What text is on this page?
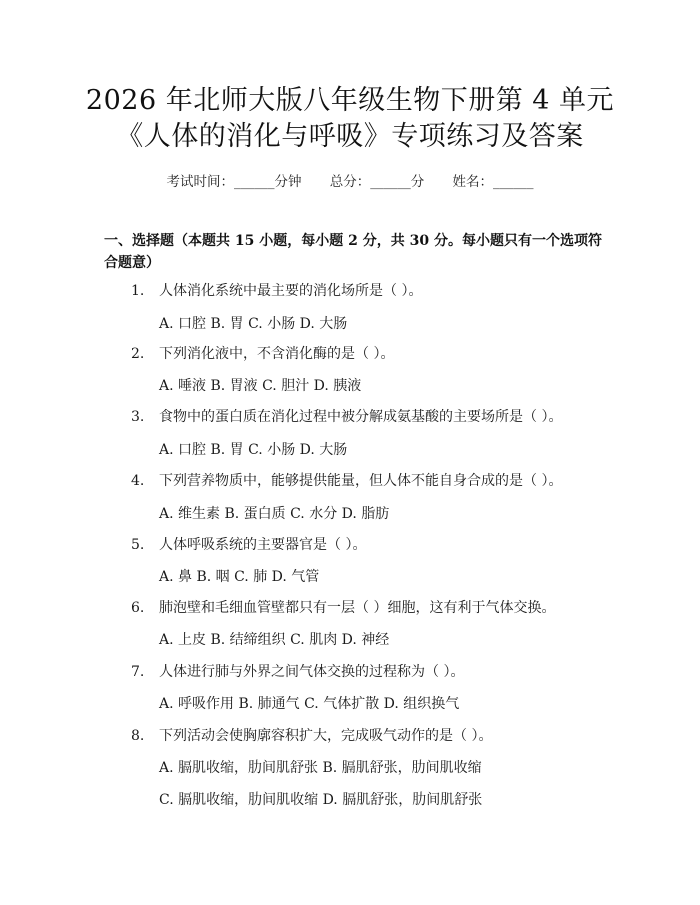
2026 年北师大版八年级生物下册第 4 单元
《人体的消化与呼吸》专项练习及答案
考试时间：______分钟 总分：______分 姓名：______
一、选择题（本题共 15 小题，每小题 2 分，共 30 分。每小题只有一个选项符合题意）
1. 人体消化系统中最主要的消化场所是（ ）。
A. 口腔 B. 胃 C. 小肠 D. 大肠
2. 下列消化液中，不含消化酶的是（ ）。
A. 唾液 B. 胃液 C. 胆汁 D. 胰液
3. 食物中的蛋白质在消化过程中被分解成氨基酸的主要场所是（ ）。
A. 口腔 B. 胃 C. 小肠 D. 大肠
4. 下列营养物质中，能够提供能量，但人体不能自身合成的是（ ）。
A. 维生素 B. 蛋白质 C. 水分 D. 脂肪
5. 人体呼吸系统的主要器官是（ ）。
A. 鼻 B. 咽 C. 肺 D. 气管
6. 肺泡壁和毛细血管壁都只有一层（ ）细胞，这有利于气体交换。
A. 上皮 B. 结缔组织 C. 肌肉 D. 神经
7. 人体进行肺与外界之间气体交换的过程称为（ ）。
A. 呼吸作用 B. 肺通气 C. 气体扩散 D. 组织换气
8. 下列活动会使胸廓容积扩大，完成吸气动作的是（ ）。
A. 膈肌收缩，肋间肌舒张 B. 膈肌舒张，肋间肌收缩
C. 膈肌收缩，肋间肌收缩 D. 膈肌舒张，肋间肌舒张
